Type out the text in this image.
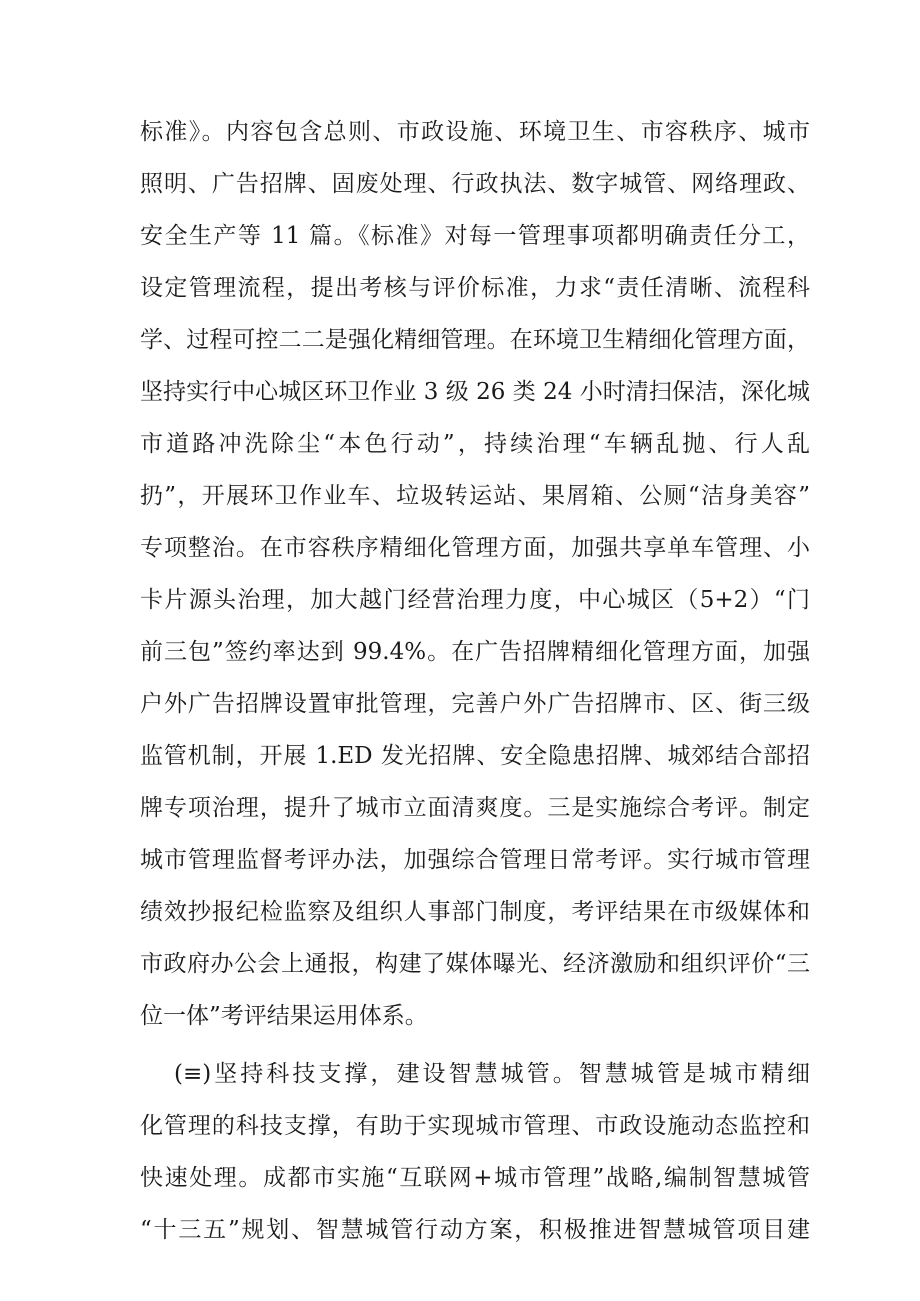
标准》。内容包含总则、市政设施、环境卫生、市容秩序、城市
照明、广告招牌、固废处理、行政执法、数字城管、网络理政、
安全生产等 11 篇。《标准》对每一管理事项都明确责任分工，
设定管理流程，提出考核与评价标准，力求“责任清晰、流程科
学、过程可控二二是强化精细管理。在环境卫生精细化管理方面，
坚持实行中心城区环卫作业 3 级 26 类 24 小时清扫保洁，深化城
市道路冲洗除尘“本色行动”，持续治理“车辆乱抛、行人乱
扔”，开展环卫作业车、垃圾转运站、果屑箱、公厕“洁身美容”
专项整治。在市容秩序精细化管理方面，加强共享单车管理、小
卡片源头治理，加大越门经营治理力度，中心城区（5+2）“门
前三包”签约率达到 99.4%。在广告招牌精细化管理方面，加强
户外广告招牌设置审批管理，完善户外广告招牌市、区、街三级
监管机制，开展 1.ED 发光招牌、安全隐患招牌、城郊结合部招
牌专项治理，提升了城市立面清爽度。三是实施综合考评。制定
城市管理监督考评办法，加强综合管理日常考评。实行城市管理
绩效抄报纪检监察及组织人事部门制度，考评结果在市级媒体和
市政府办公会上通报，构建了媒体曝光、经济激励和组织评价“三
位一体”考评结果运用体系。
(≡)坚持科技支撑，建设智慧城管。智慧城管是城市精细
化管理的科技支撑，有助于实现城市管理、市政设施动态监控和
快速处理。成都市实施“互联网+城市管理”战略,编制智慧城管
“十三五”规划、智慧城管行动方案，积极推进智慧城管项目建
